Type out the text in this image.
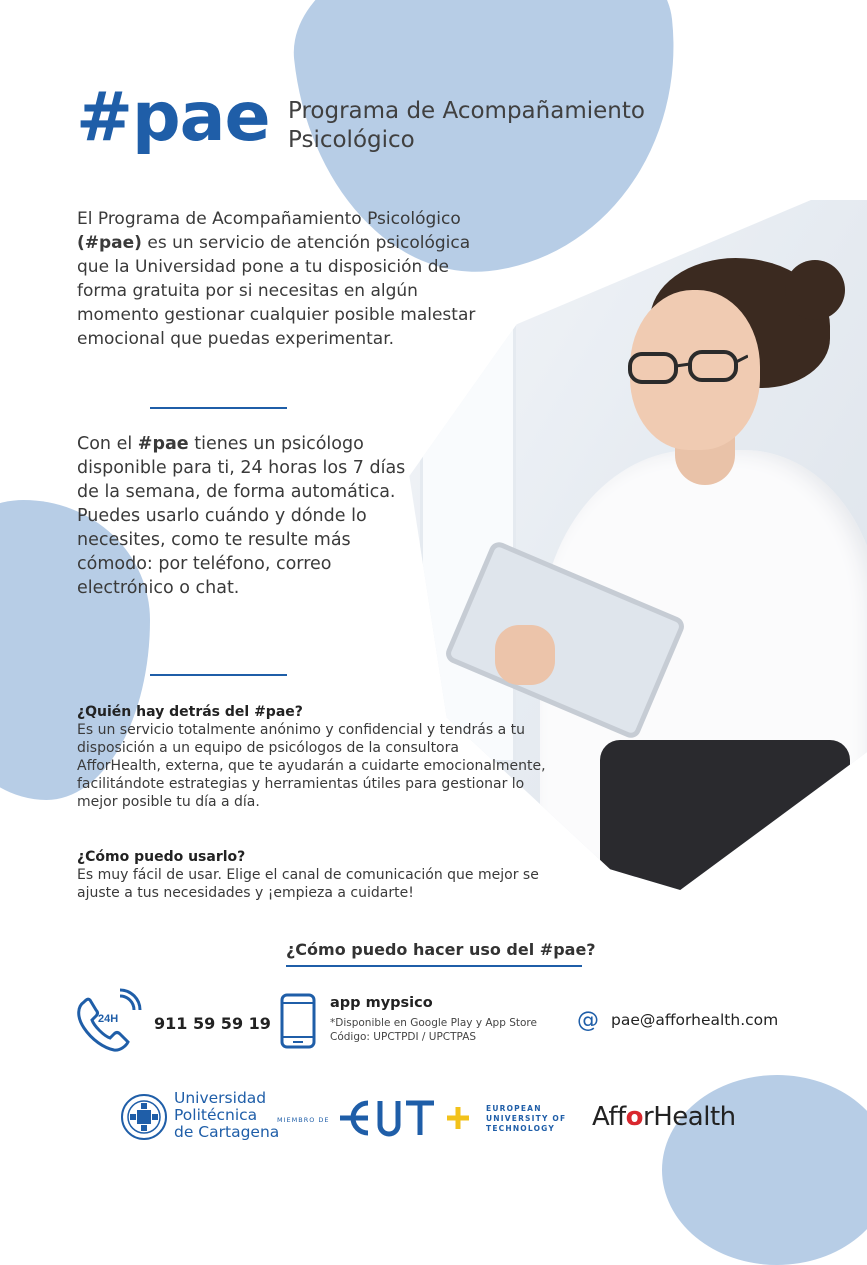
#pae Programa de Acompañamiento
Psicológico
El Programa de Acompañamiento Psicológico (#pae) es un servicio de atención psicológica que la Universidad pone a tu disposición de forma gratuita por si necesitas en algún momento gestionar cualquier posible malestar emocional que puedas experimentar.
Con el #pae tienes un psicólogo disponible para ti, 24 horas los 7 días de la semana, de forma automática. Puedes usarlo cuándo y dónde lo necesites, como te resulte más cómodo: por teléfono, correo electrónico o chat.
¿Quién hay detrás del #pae?
Es un servicio totalmente anónimo y confidencial y tendrás a tu disposición a un equipo de psicólogos de la consultora AfforHealth, externa, que te ayudarán a cuidarte emocionalmente, facilitándote estrategias y herramientas útiles para gestionar lo mejor posible tu día a día.
¿Cómo puedo usarlo?
Es muy fácil de usar. Elige el canal de comunicación que mejor se ajuste a tus necesidades y ¡empieza a cuidarte!
¿Cómo puedo hacer uso del #pae?
24H 911 59 59 19
app mypsico
*Disponible en Google Play y App Store
Código: UPCTPDI / UPCTPAS
@ pae@afforhealth.com
Universidad
Politécnica
de Cartagena
MIEMBRO DE
EUROPEAN
UNIVERSITY OF
TECHNOLOGY	AfforHealth
